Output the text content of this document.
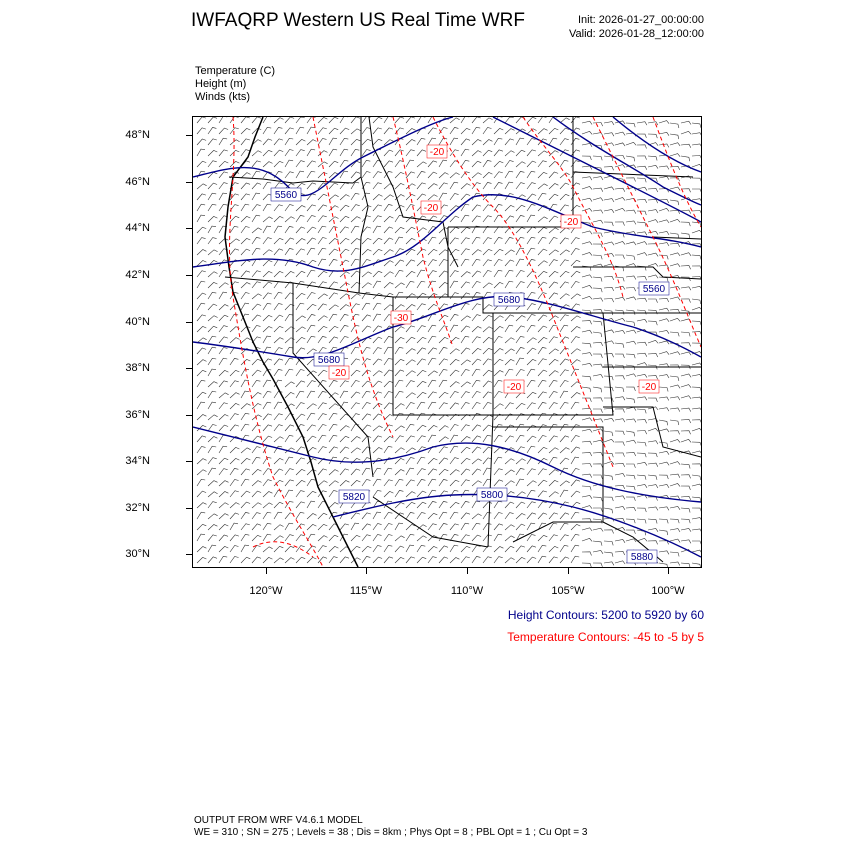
IWFAQRP Western US Real Time WRF	Init: 2026-01-27_00:00:00
Valid: 2026-01-28_12:00:00
Temperature (C)
Height (m)
Winds (kts)
48°N
46°N
44°N
42°N
40°N
38°N
36°N
34°N
32°N
30°N
120°W	115°W	110°W	105°W	100°W
5560
5680
5680
5820	5800
5560
5880
-20
-20
-20
-30
-20
-20
-20
Height Contours: 5200 to 5920 by 60
Temperature Contours: -45 to -5 by 5
OUTPUT FROM WRF V4.6.1 MODEL
WE = 310 ; SN = 275 ; Levels = 38 ; Dis = 8km ; Phys Opt = 8 ; PBL Opt = 1 ; Cu Opt = 3
